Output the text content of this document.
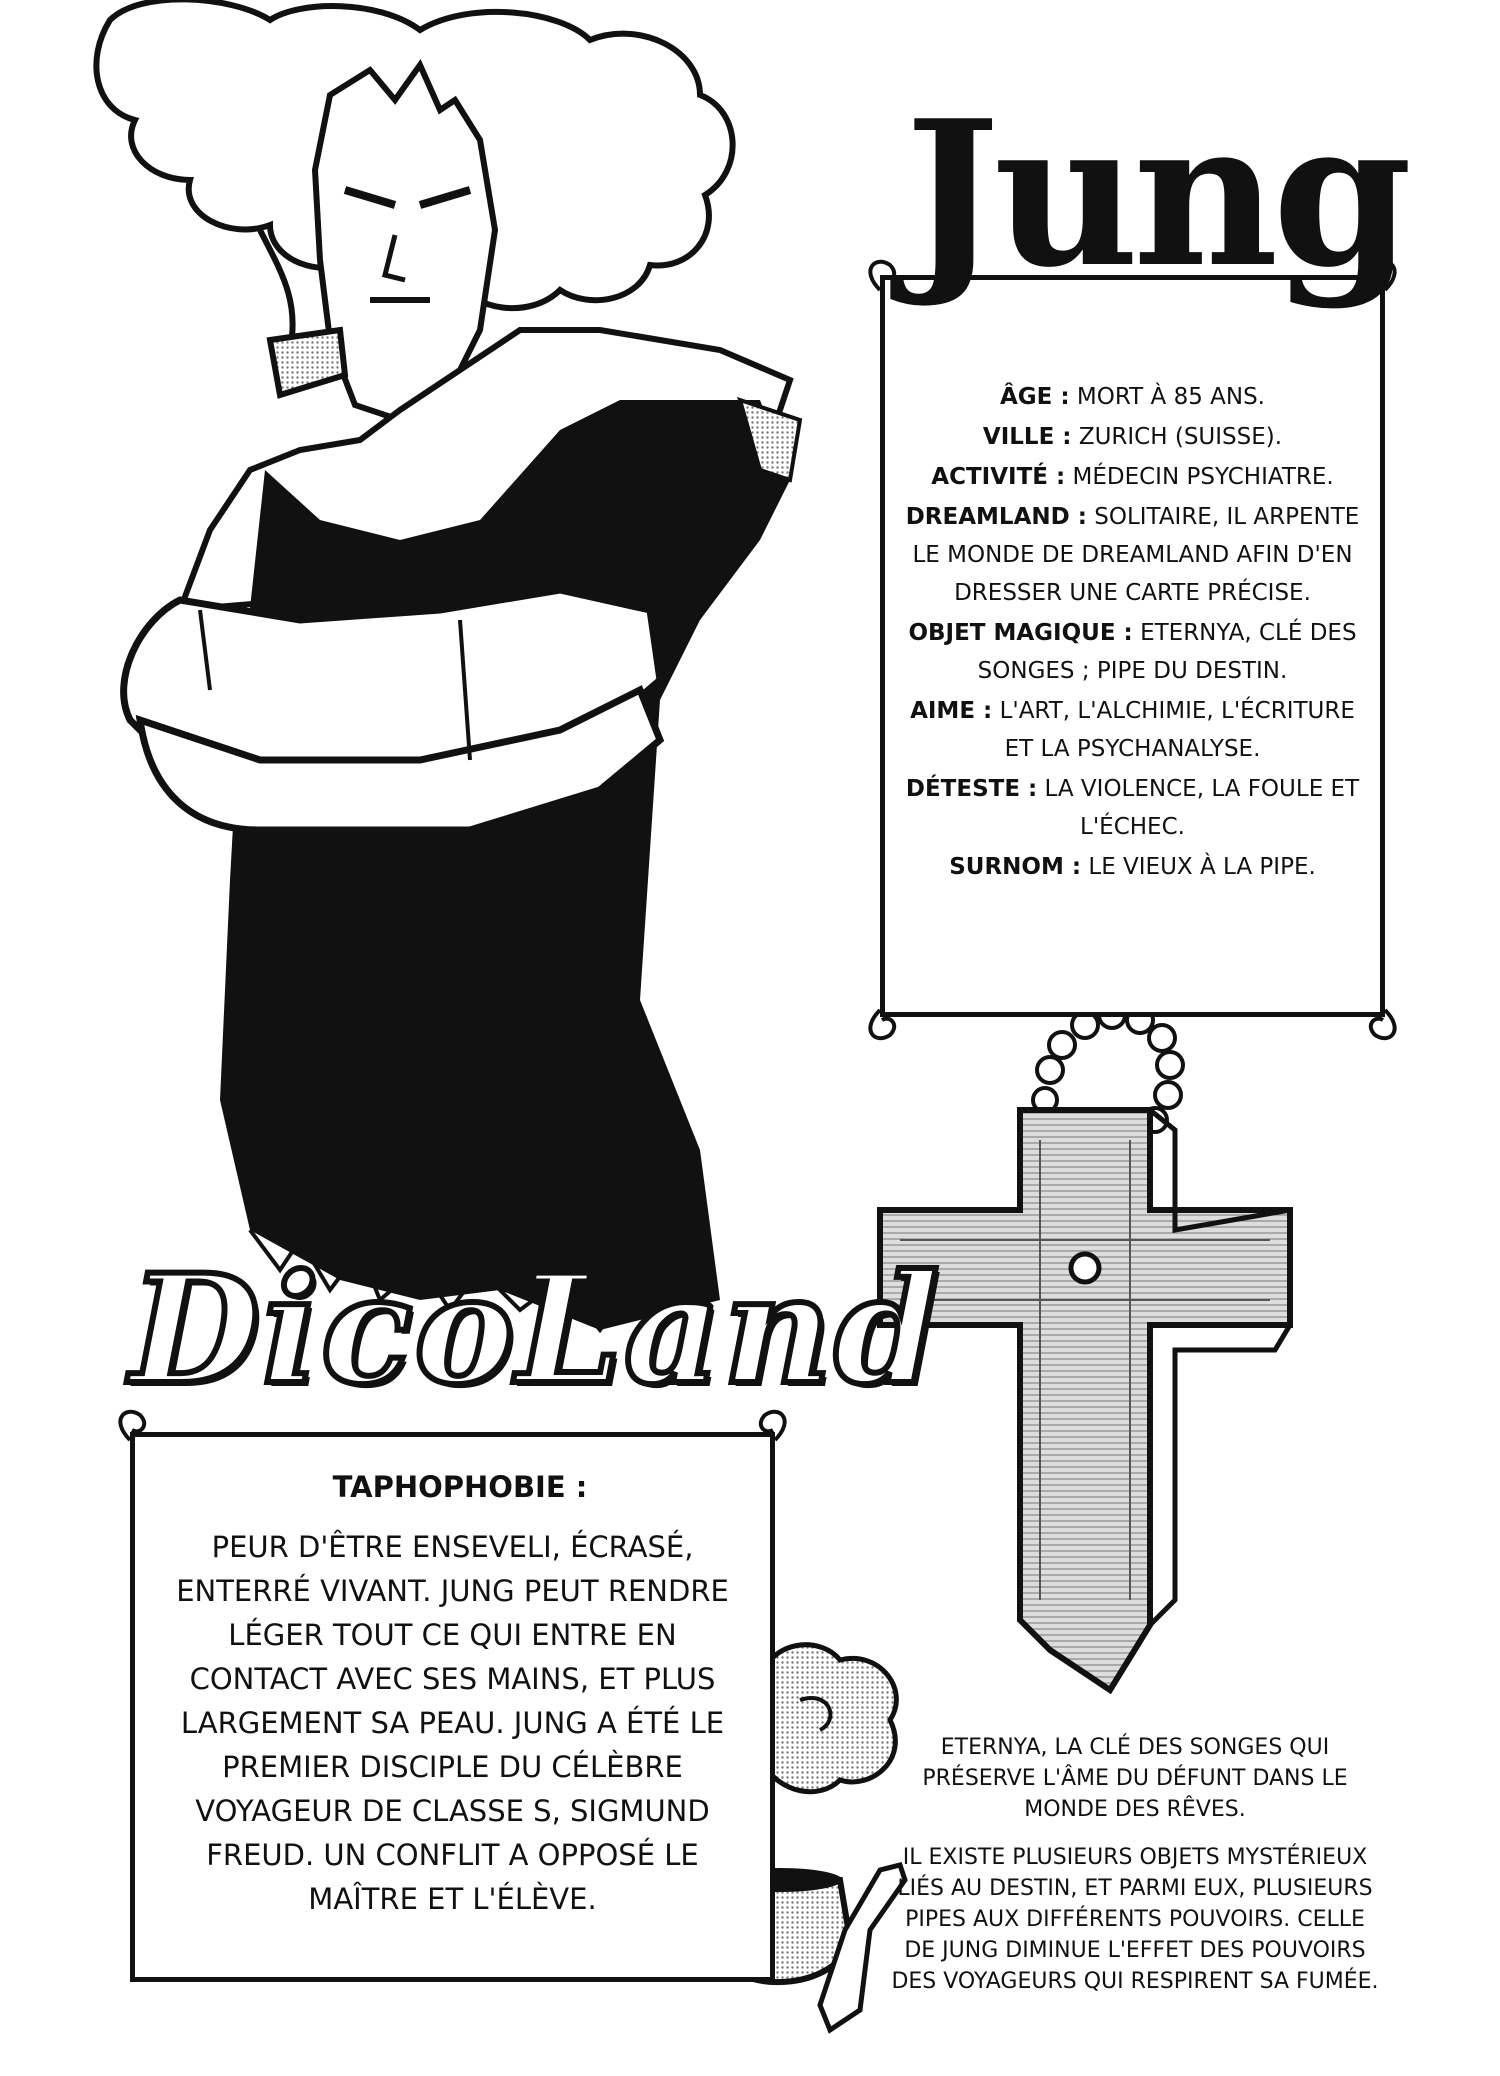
Jung
ÂGE : MORT À 85 ANS.
VILLE : ZURICH (SUISSE).
ACTIVITÉ : MÉDECIN PSYCHIATRE.
DREAMLAND : SOLITAIRE, IL ARPENTE LE MONDE DE DREAMLAND AFIN D'EN DRESSER UNE CARTE PRÉCISE.
OBJET MAGIQUE : ETERNYA, CLÉ DES SONGES ; PIPE DU DESTIN.
AIME : L'ART, L'ALCHIMIE, L'ÉCRITURE ET LA PSYCHANALYSE.
DÉTESTE : LA VIOLENCE, LA FOULE ET L'ÉCHEC.
SURNOM : LE VIEUX À LA PIPE.
DicoLand
TAPHOPHOBIE :
PEUR D'ÊTRE ENSEVELI, ÉCRASÉ, ENTERRÉ VIVANT. JUNG PEUT RENDRE LÉGER TOUT CE QUI ENTRE EN CONTACT AVEC SES MAINS, ET PLUS LARGEMENT SA PEAU. JUNG A ÉTÉ LE PREMIER DISCIPLE DU CÉLÈBRE VOYAGEUR DE CLASSE S, SIGMUND FREUD. UN CONFLIT A OPPOSÉ LE MAÎTRE ET L'ÉLÈVE.
ETERNYA, LA CLÉ DES SONGES QUI PRÉSERVE L'ÂME DU DÉFUNT DANS LE MONDE DES RÊVES.
IL EXISTE PLUSIEURS OBJETS MYSTÉRIEUX LIÉS AU DESTIN, ET PARMI EUX, PLUSIEURS PIPES AUX DIFFÉRENTS POUVOIRS. CELLE DE JUNG DIMINUE L'EFFET DES POUVOIRS DES VOYAGEURS QUI RESPIRENT SA FUMÉE.
